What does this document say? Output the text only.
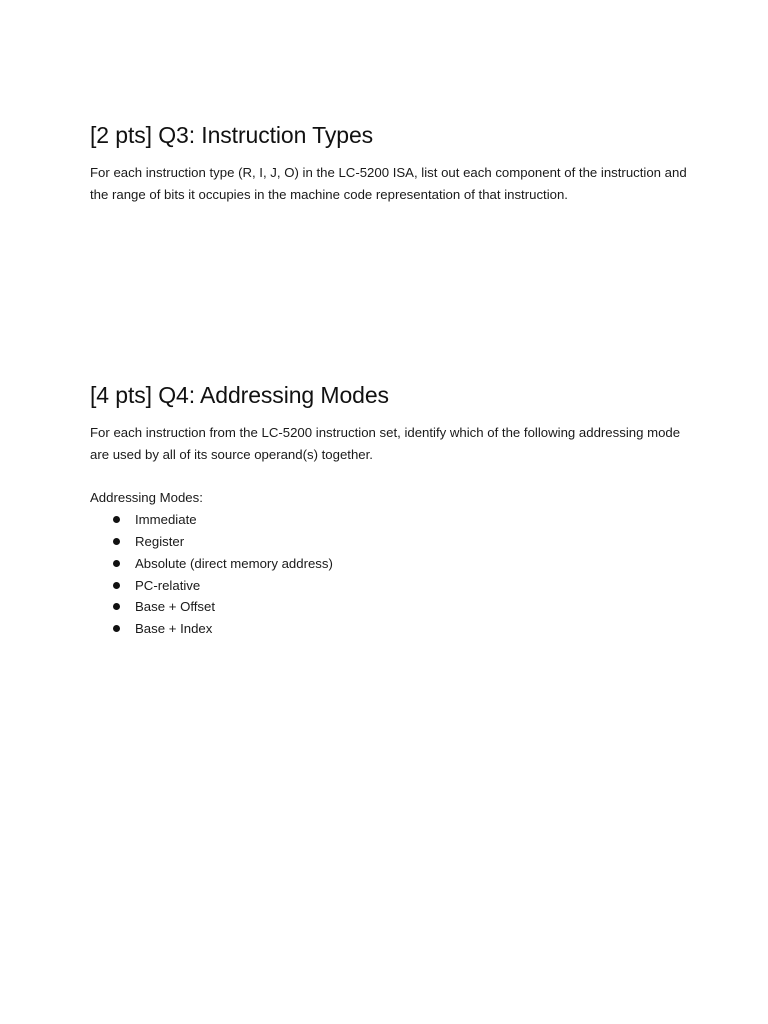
[2 pts] Q3: Instruction Types

For each instruction type (R, I, J, O) in the LC-5200 ISA, list out each component of the instruction and the range of bits it occupies in the machine code representation of that instruction.

[4 pts] Q4: Addressing Modes

For each instruction from the LC-5200 instruction set, identify which of the following addressing mode are used by all of its source operand(s) together.

Addressing Modes:

Immediate
Register
Absolute (direct memory address)
PC-relative
Base + Offset
Base + Index
